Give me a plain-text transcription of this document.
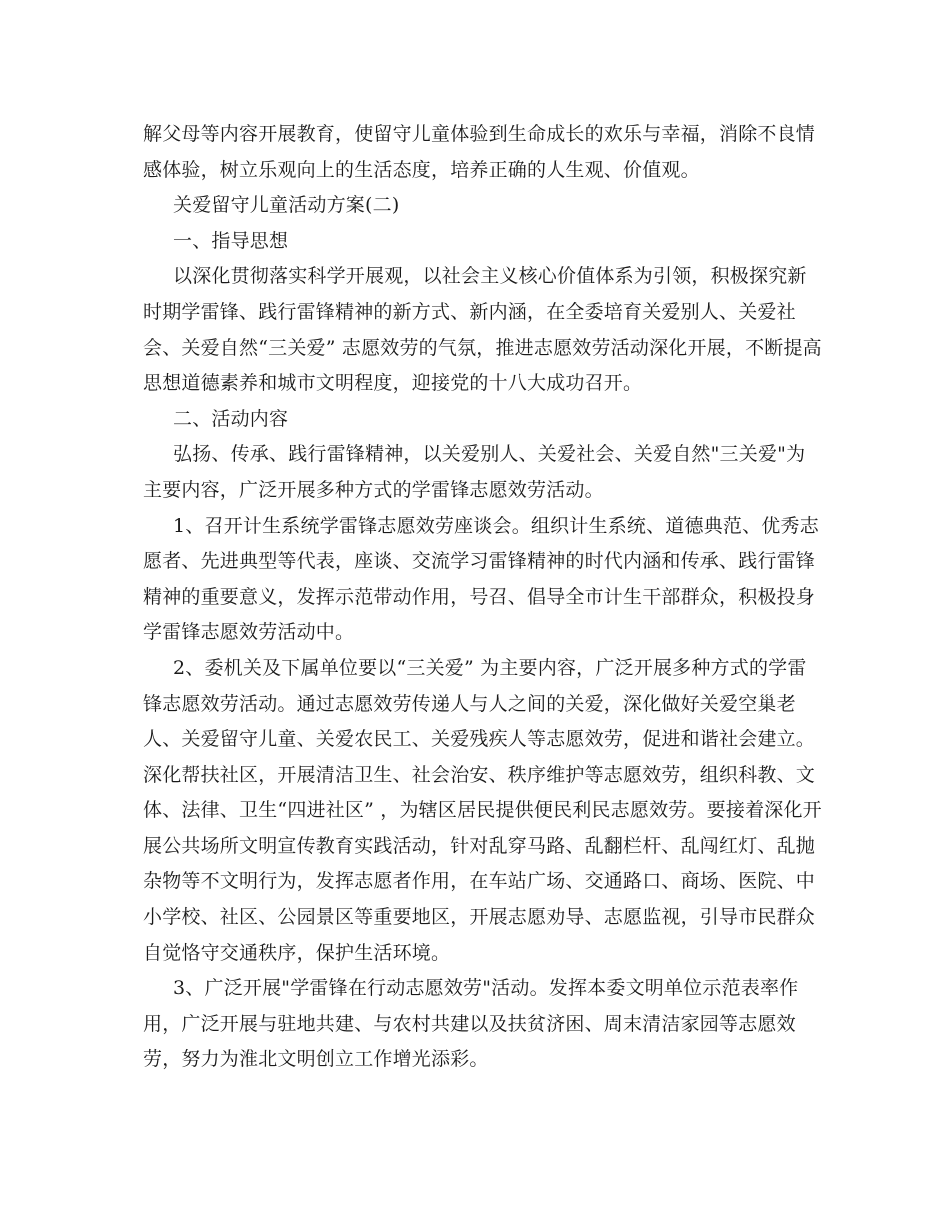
解父母等内容开展教育，使留守儿童体验到生命成长的欢乐与幸福，消除不良情
感体验，树立乐观向上的生活态度，培养正确的人生观、价值观。
关爱留守儿童活动方案(二)
一、指导思想
以深化贯彻落实科学开展观，以社会主义核心价值体系为引领，积极探究新
时期学雷锋、践行雷锋精神的新方式、新内涵，在全委培育关爱别人、关爱社
会、关爱自然“三关爱” 志愿效劳的气氛，推进志愿效劳活动深化开展，不断提高
思想道德素养和城市文明程度，迎接党的十八大成功召开。
二、活动内容
弘扬、传承、践行雷锋精神，以关爱别人、关爱社会、关爱自然"三关爱"为
主要内容，广泛开展多种方式的学雷锋志愿效劳活动。
1、召开计生系统学雷锋志愿效劳座谈会。组织计生系统、道德典范、优秀志
愿者、先进典型等代表，座谈、交流学习雷锋精神的时代内涵和传承、践行雷锋
精神的重要意义，发挥示范带动作用，号召、倡导全市计生干部群众，积极投身
学雷锋志愿效劳活动中。
2、委机关及下属单位要以“三关爱” 为主要内容，广泛开展多种方式的学雷
锋志愿效劳活动。通过志愿效劳传递人与人之间的关爱，深化做好关爱空巢老
人、关爱留守儿童、关爱农民工、关爱残疾人等志愿效劳，促进和谐社会建立。
深化帮扶社区，开展清洁卫生、社会治安、秩序维护等志愿效劳，组织科教、文
体、法律、卫生“四进社区” ，为辖区居民提供便民利民志愿效劳。要接着深化开
展公共场所文明宣传教育实践活动，针对乱穿马路、乱翻栏杆、乱闯红灯、乱抛
杂物等不文明行为，发挥志愿者作用，在车站广场、交通路口、商场、医院、中
小学校、社区、公园景区等重要地区，开展志愿劝导、志愿监视，引导市民群众
自觉恪守交通秩序，保护生活环境。
3、广泛开展"学雷锋在行动志愿效劳"活动。发挥本委文明单位示范表率作
用，广泛开展与驻地共建、与农村共建以及扶贫济困、周末清洁家园等志愿效
劳，努力为淮北文明创立工作增光添彩。
